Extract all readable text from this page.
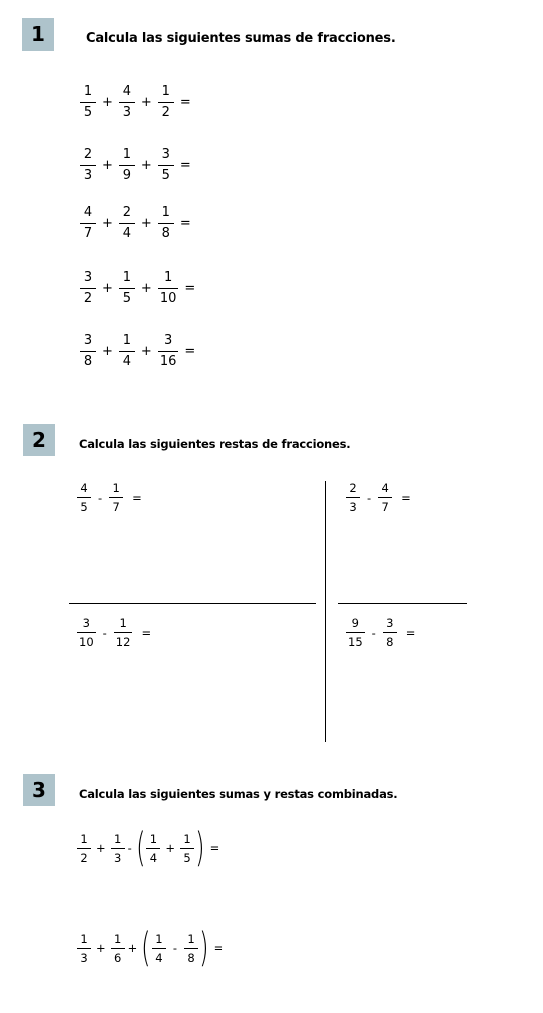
1	Calcula las siguientes sumas de fracciones.
$\frac{1}{5} + \frac{4}{3} + \frac{1}{2}$ =
$\frac{2}{3} + \frac{1}{9} + \frac{3}{5}$ =
$\frac{4}{7} + \frac{2}{4} + \frac{1}{8}$ =
$\frac{3}{2} + \frac{1}{5} + \frac{1}{10}$ =
$\frac{3}{8} + \frac{1}{4} + \frac{3}{16}$ =
2	Calcula las siguientes restas de fracciones.
$\frac{4}{5} - \frac{1}{7}$ =	$\frac{2}{3} - \frac{4}{7}$ =
$\frac{3}{10} - \frac{1}{12}$ =	$\frac{9}{15} - \frac{3}{8}$ =
3	Calcula las siguientes sumas y restas combinadas.
$\frac{1}{2} + \frac{1}{3}$ - ( $\frac{1}{4} + \frac{1}{5}$ ) =
$\frac{1}{3} + \frac{1}{6}$ + ( $\frac{1}{4} - \frac{1}{8}$ ) =
